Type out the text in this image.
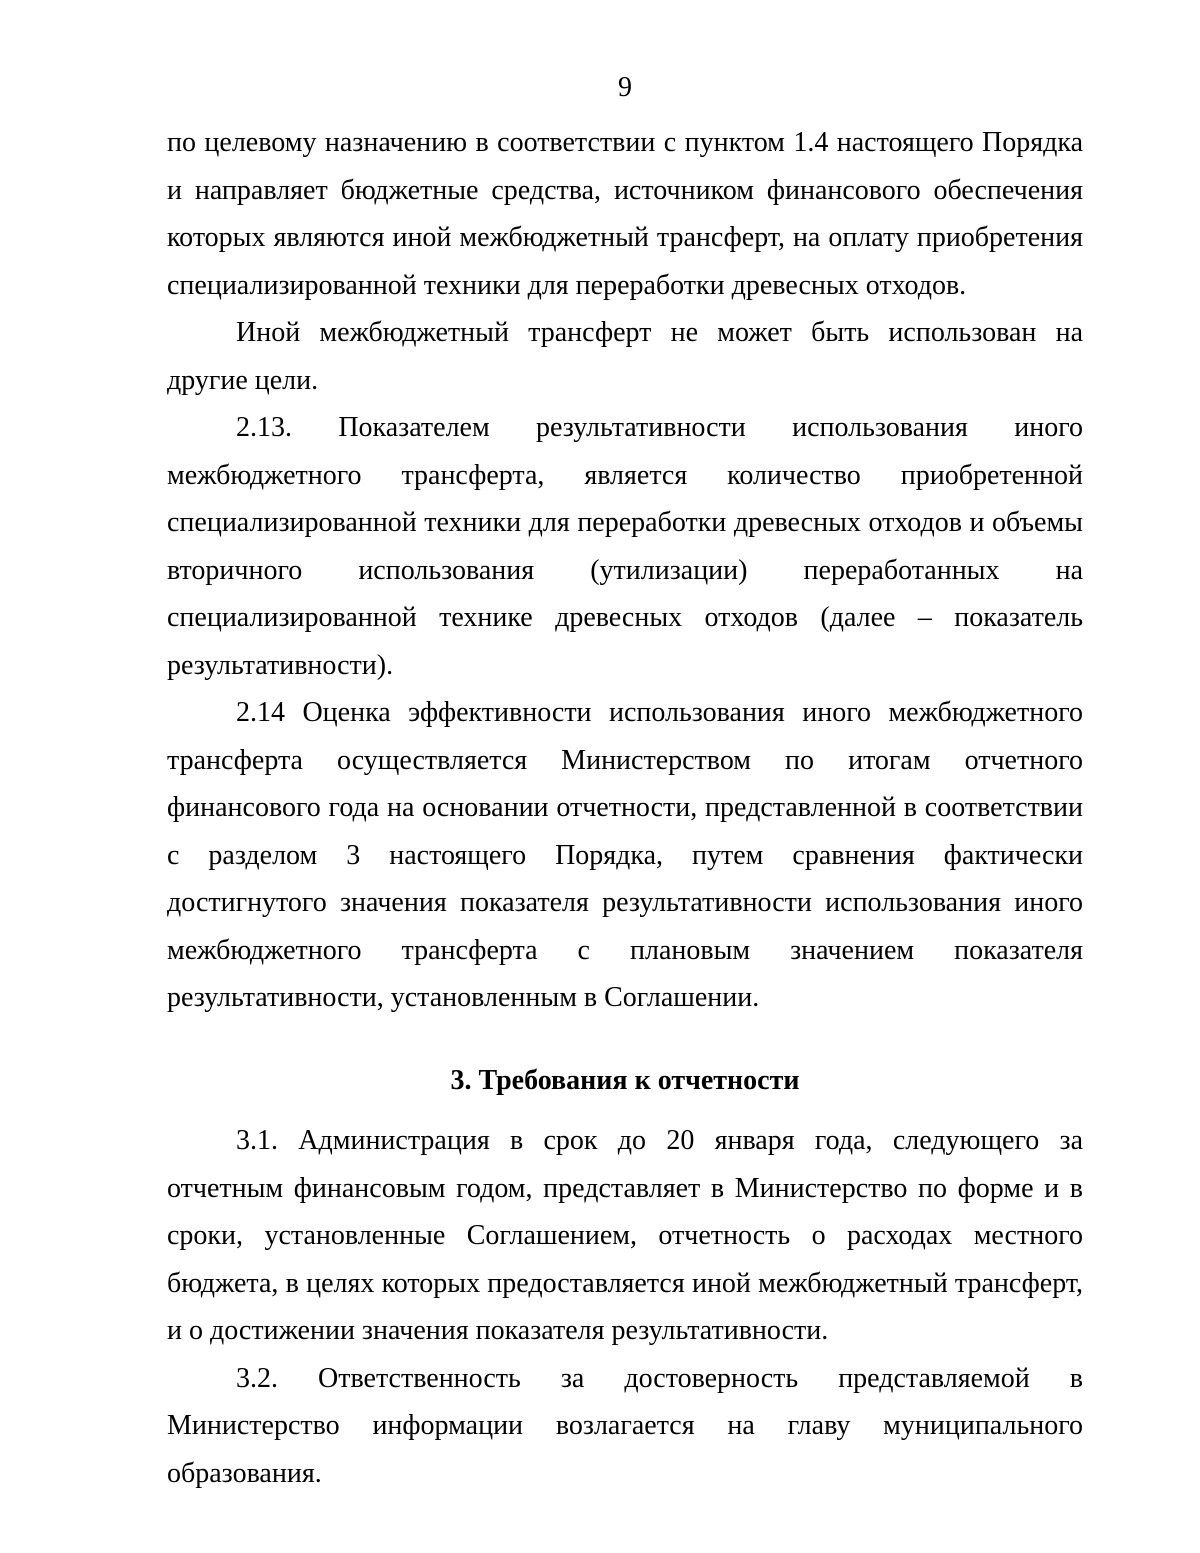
9

по целевому назначению в соответствии с пунктом 1.4 настоящего Порядка и направляет бюджетные средства, источником финансового обеспечения которых являются иной межбюджетный трансферт, на оплату приобретения специализированной техники для переработки древесных отходов.

Иной межбюджетный трансферт не может быть использован на другие цели.

2.13. Показателем результативности использования иного межбюджетного трансферта, является количество приобретенной специализированной техники для переработки древесных отходов и объемы вторичного использования (утилизации) переработанных на специализированной технике древесных отходов (далее – показатель результативности).

2.14 Оценка эффективности использования иного межбюджетного трансферта осуществляется Министерством по итогам отчетного финансового года на основании отчетности, представленной в соответствии с разделом 3 настоящего Порядка, путем сравнения фактически достигнутого значения показателя результативности использования иного межбюджетного трансферта с плановым значением показателя результативности, установленным в Соглашении.

3. Требования к отчетности

3.1. Администрация в срок до 20 января года, следующего за отчетным финансовым годом, представляет в Министерство по форме и в сроки, установленные Соглашением, отчетность о расходах местного бюджета, в целях которых предоставляется иной межбюджетный трансферт, и о достижении значения показателя результативности.

3.2. Ответственность за достоверность представляемой в Министерство информации возлагается на главу муниципального образования.
